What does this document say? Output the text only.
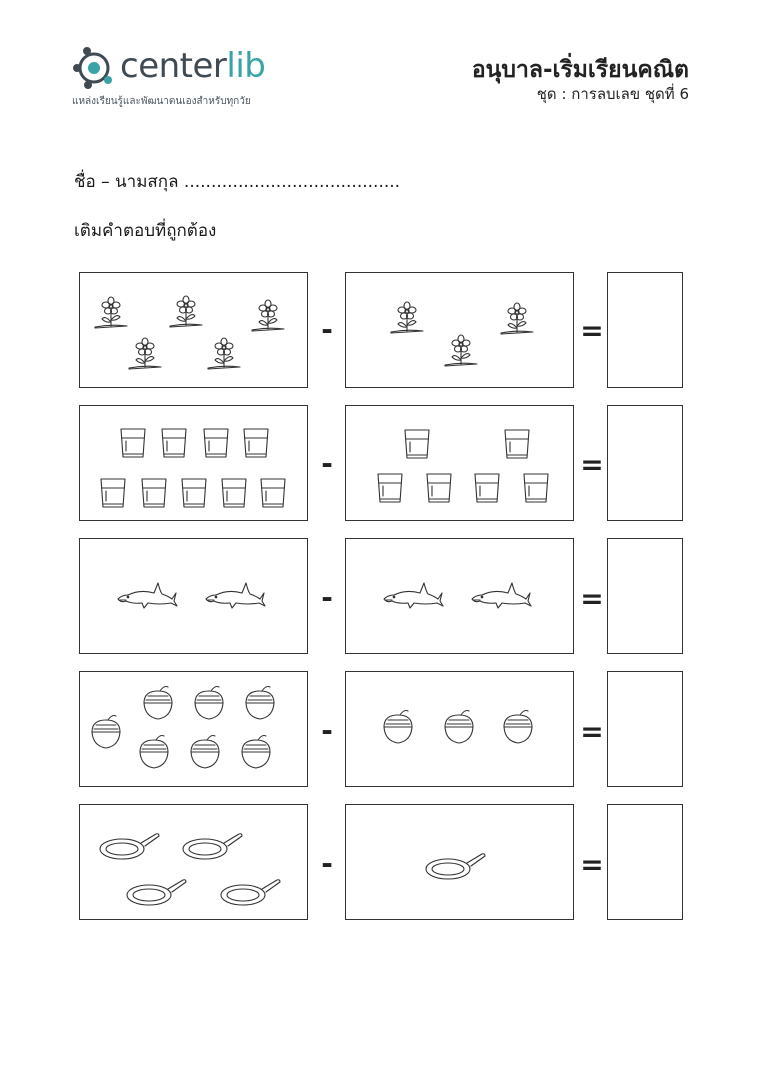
centerlib
แหล่งเรียนรู้และพัฒนาตนเองสำหรับทุกวัย
อนุบาล-เริ่มเรียนคณิต
ชุด : การลบเลข ชุดที่ 6
ชื่อ – นามสกุล ........................................
เติมคำตอบที่ถูกต้อง
-	=
-	=
-	=
-	=
-	=
